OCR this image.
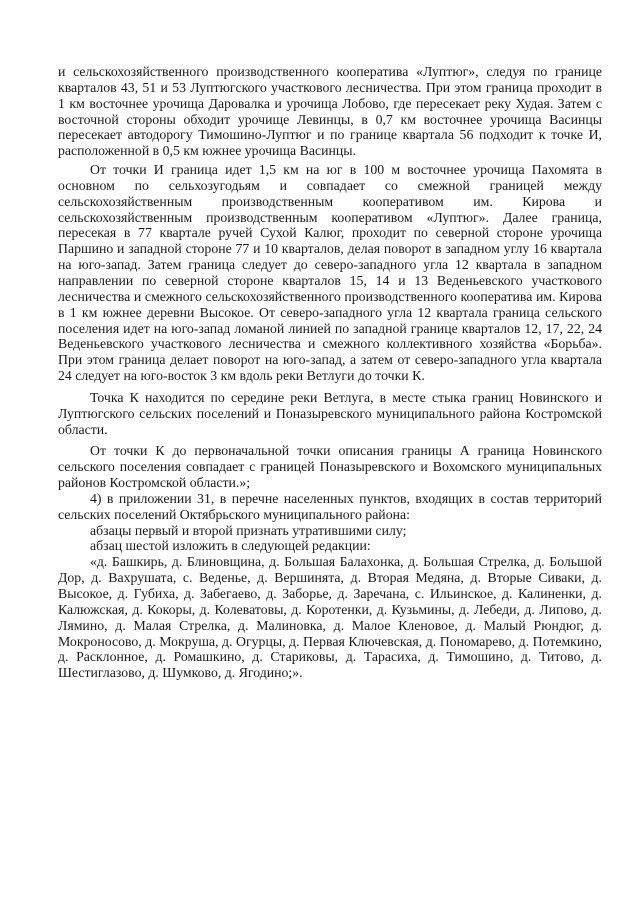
и сельскохозяйственного производственного кооператива «Луптюг», следуя по границе кварталов 43, 51 и 53 Луптюгского участкового лесничества. При этом граница проходит в 1 км восточнее урочища Даровалка и урочища Лобово, где пересекает реку Худая. Затем с восточной стороны обходит урочище Левинцы, в 0,7 км восточнее урочища Васинцы пересекает автодорогу Тимошино-Луптюг и по границе квартала 56 подходит к точке И, расположенной в 0,5 км южнее урочища Васинцы.

От точки И граница идет 1,5 км на юг в 100 м восточнее урочища Пахомята в основном по сельхозугодьям и совпадает со смежной границей между сельскохозяйственным производственным кооперативом им. Кирова и сельскохозяйственным производственным кооперативом «Луптюг». Далее граница, пересекая в 77 квартале ручей Сухой Калюг, проходит по северной стороне урочища Паршино и западной стороне 77 и 10 кварталов, делая поворот в западном углу 16 квартала на юго-запад. Затем граница следует до северо-западного угла 12 квартала в западном направлении по северной стороне кварталов 15, 14 и 13 Веденьевского участкового лесничества и смежного сельскохозяйственного производственного кооператива им. Кирова в 1 км южнее деревни Высокое. От северо-западного угла 12 квартала граница сельского поселения идет на юго-запад ломаной линией по западной границе кварталов 12, 17, 22, 24 Веденьевского участкового лесничества и смежного коллективного хозяйства «Борьба». При этом граница делает поворот на юго-запад, а затем от северо-западного угла квартала 24 следует на юго-восток 3 км вдоль реки Ветлуги до точки К.

Точка К находится по середине реки Ветлуга, в месте стыка границ Новинского и Луптюгского сельских поселений и Поназыревского муниципального района Костромской области.

От точки К до первоначальной точки описания границы А граница Новинского сельского поселения совпадает с границей Поназыревского и Вохомского муниципальных районов Костромской области.»;

4) в приложении 31, в перечне населенных пунктов, входящих в состав территорий сельских поселений Октябрьского муниципального района:

абзацы первый и второй признать утратившими силу;

абзац шестой изложить в следующей редакции:

«д. Башкирь, д. Блиновщина, д. Большая Балахонка, д. Большая Стрелка, д. Большой Дор, д. Вахрушата, с. Веденье, д. Вершинята, д. Вторая Медяна, д. Вторые Сиваки, д. Высокое, д. Губиха, д. Забегаево, д. Заборье, д. Заречана, с. Ильинское, д. Калиненки, д. Калюжская, д. Кокоры, д. Колеватовы, д. Коротенки, д. Кузьмины, д. Лебеди, д. Липово, д. Лямино, д. Малая Стрелка, д. Малиновка, д. Малое Кленовое, д. Малый Рюндюг, д. Мокроносово, д. Мокруша, д. Огурцы, д. Первая Ключевская, д. Пономарево, д. Потемкино, д. Расклонное, д. Ромашкино, д. Стариковы, д. Тарасиха, д. Тимошино, д. Титово, д. Шестиглазово, д. Шумково, д. Ягодино;».
